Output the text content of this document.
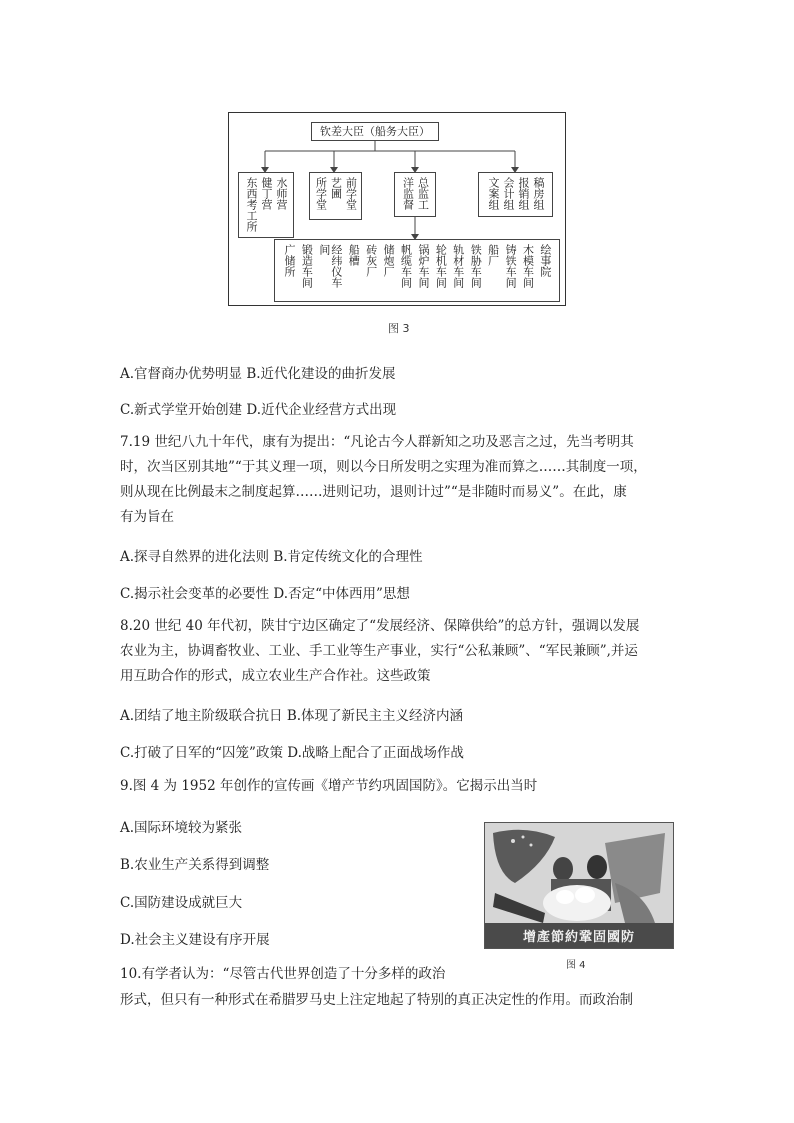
钦差大臣（船务大臣）
水师营
健丁营
东西考工所	前学堂
艺圃
所学堂	总监工
洋监督	稿房组
报销组
会计组
文案组
绘事院
木模车间
铸铁车间
船厂
铁胁车间
轨材车间
轮机车间
锅炉车间
帆缆车间
储炮厂
砖灰厂
船槽
经纬仪车间
锻造车间
广储所
图 3
A.官督商办优势明显 B.近代化建设的曲折发展
C.新式学堂开始创建 D.近代企业经营方式出现
7.19 世纪八九十年代，康有为提出：“凡论古今人群新知之功及恶言之过，先当考明其
时，次当区别其地”“于其义理一项，则以今日所发明之实理为准而算之……其制度一项，
则从现在比例最末之制度起算……进则记功，退则计过”“是非随时而易义”。在此，康
有为旨在
A.探寻自然界的进化法则 B.肯定传统文化的合理性
C.揭示社会变革的必要性 D.否定“中体西用”思想
8.20 世纪 40 年代初，陕甘宁边区确定了“发展经济、保障供给”的总方针，强调以发展
农业为主，协调畜牧业、工业、手工业等生产事业，实行“公私兼顾”、“军民兼顾”,并运
用互助合作的形式，成立农业生产合作社。这些政策
A.团结了地主阶级联合抗日 B.体现了新民主主义经济内涵
C.打破了日军的“囚笼”政策 D.战略上配合了正面战场作战
9.图 4 为 1952 年创作的宣传画《增产节约巩固国防》。它揭示出当时
A.国际环境较为紧张
B.农业生产关系得到调整
C.国防建设成就巨大
D.社会主义建设有序开展	增產節約鞏固國防
图 4
10.有学者认为：“尽管古代世界创造了十分多样的政治
形式，但只有一种形式在希腊罗马史上注定地起了特别的真正决定性的作用。而政治制
